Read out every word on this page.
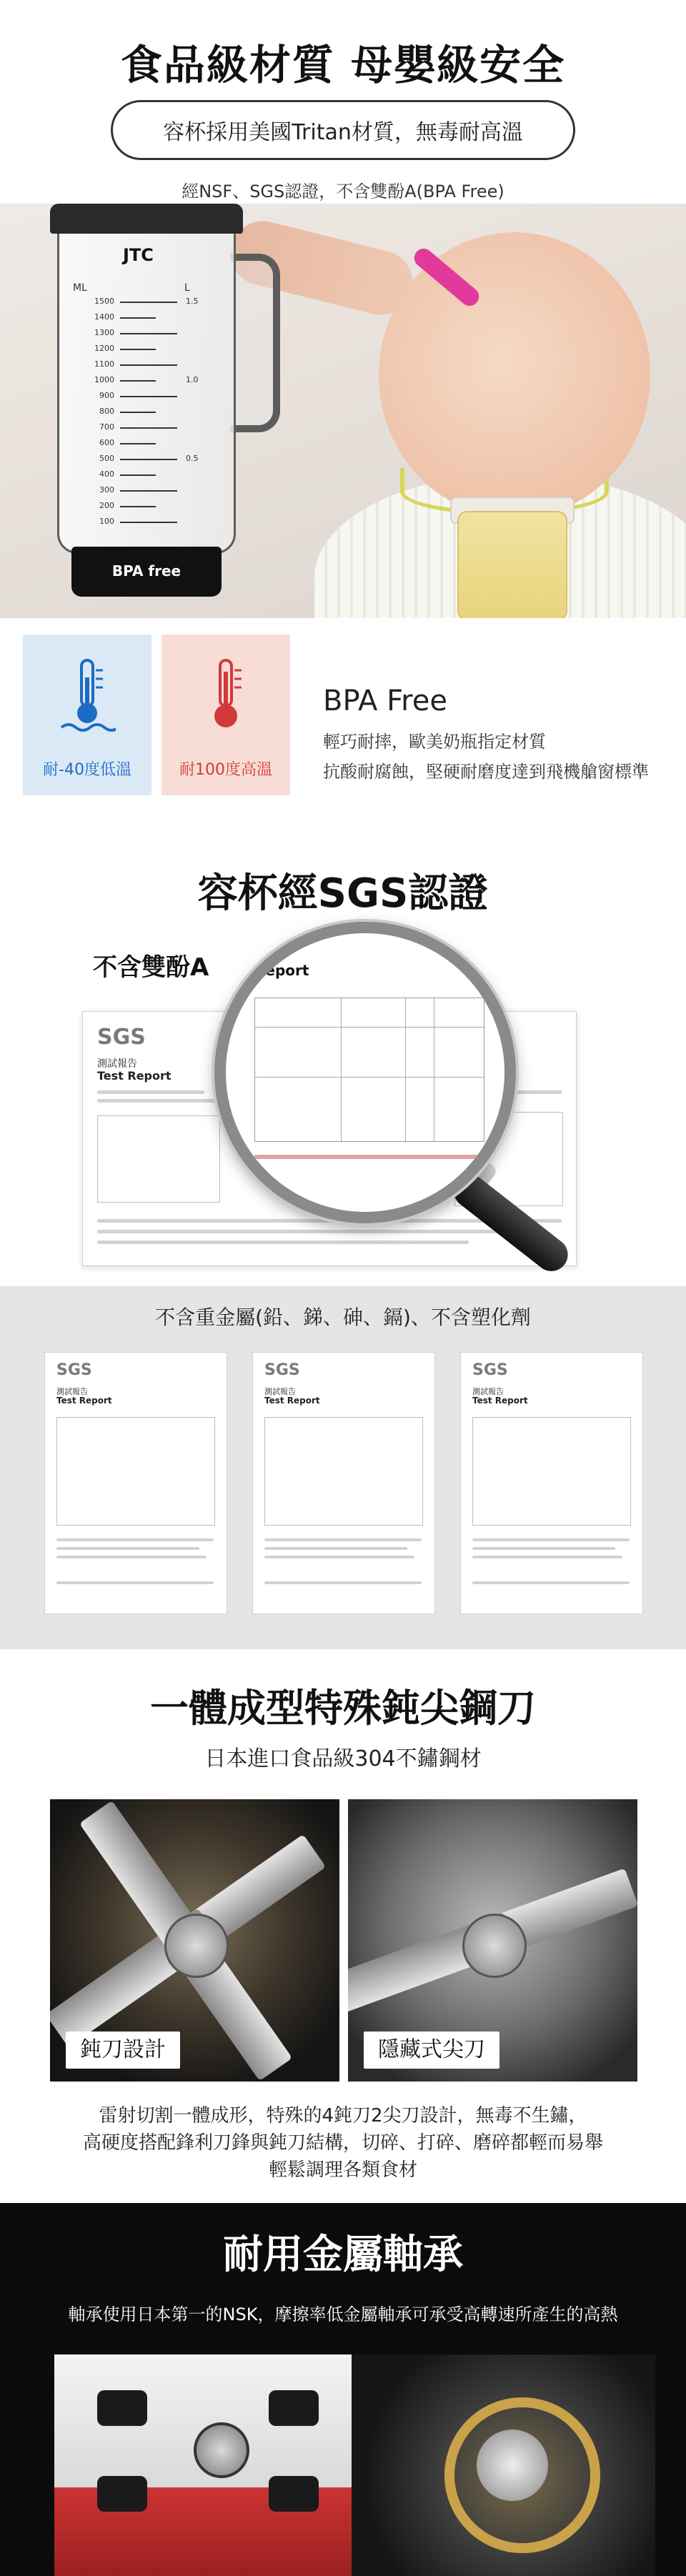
食品級材質 母嬰級安全
容杯採用美國Tritan材質，無毒耐高溫
經NSF、SGS認證，不含雙酚A(BPA Free)
JTC
ML	L
1500
1400
1300
1200
1100
1000
900
800
700
600
500
400
300
200
100
1.5
1.0
0.5
BPA free
耐-40度低溫	耐100度高溫
BPA Free
輕巧耐摔，歐美奶瓶指定材質
抗酸耐腐蝕，堅硬耐磨度達到飛機艙窗標準
容杯經SGS認證
不含雙酚A
SGS
測試報告
Test Report
Report
不含重金屬(鉛、銻、砷、鎘)、不含塑化劑
SGS
測試報告
Test Report
SGS
測試報告
Test Report
SGS
測試報告
Test Report
一體成型特殊鈍尖鋼刀
日本進口食品級304不鏽鋼材
鈍刀設計	隱藏式尖刀
雷射切割一體成形，特殊的4鈍刀2尖刀設計，無毒不生鏽，
高硬度搭配鋒利刀鋒與鈍刀結構，切碎、打碎、磨碎都輕而易舉
輕鬆調理各類食材
耐用金屬軸承
軸承使用日本第一的NSK，摩擦率低金屬軸承可承受高轉速所產生的高熱
